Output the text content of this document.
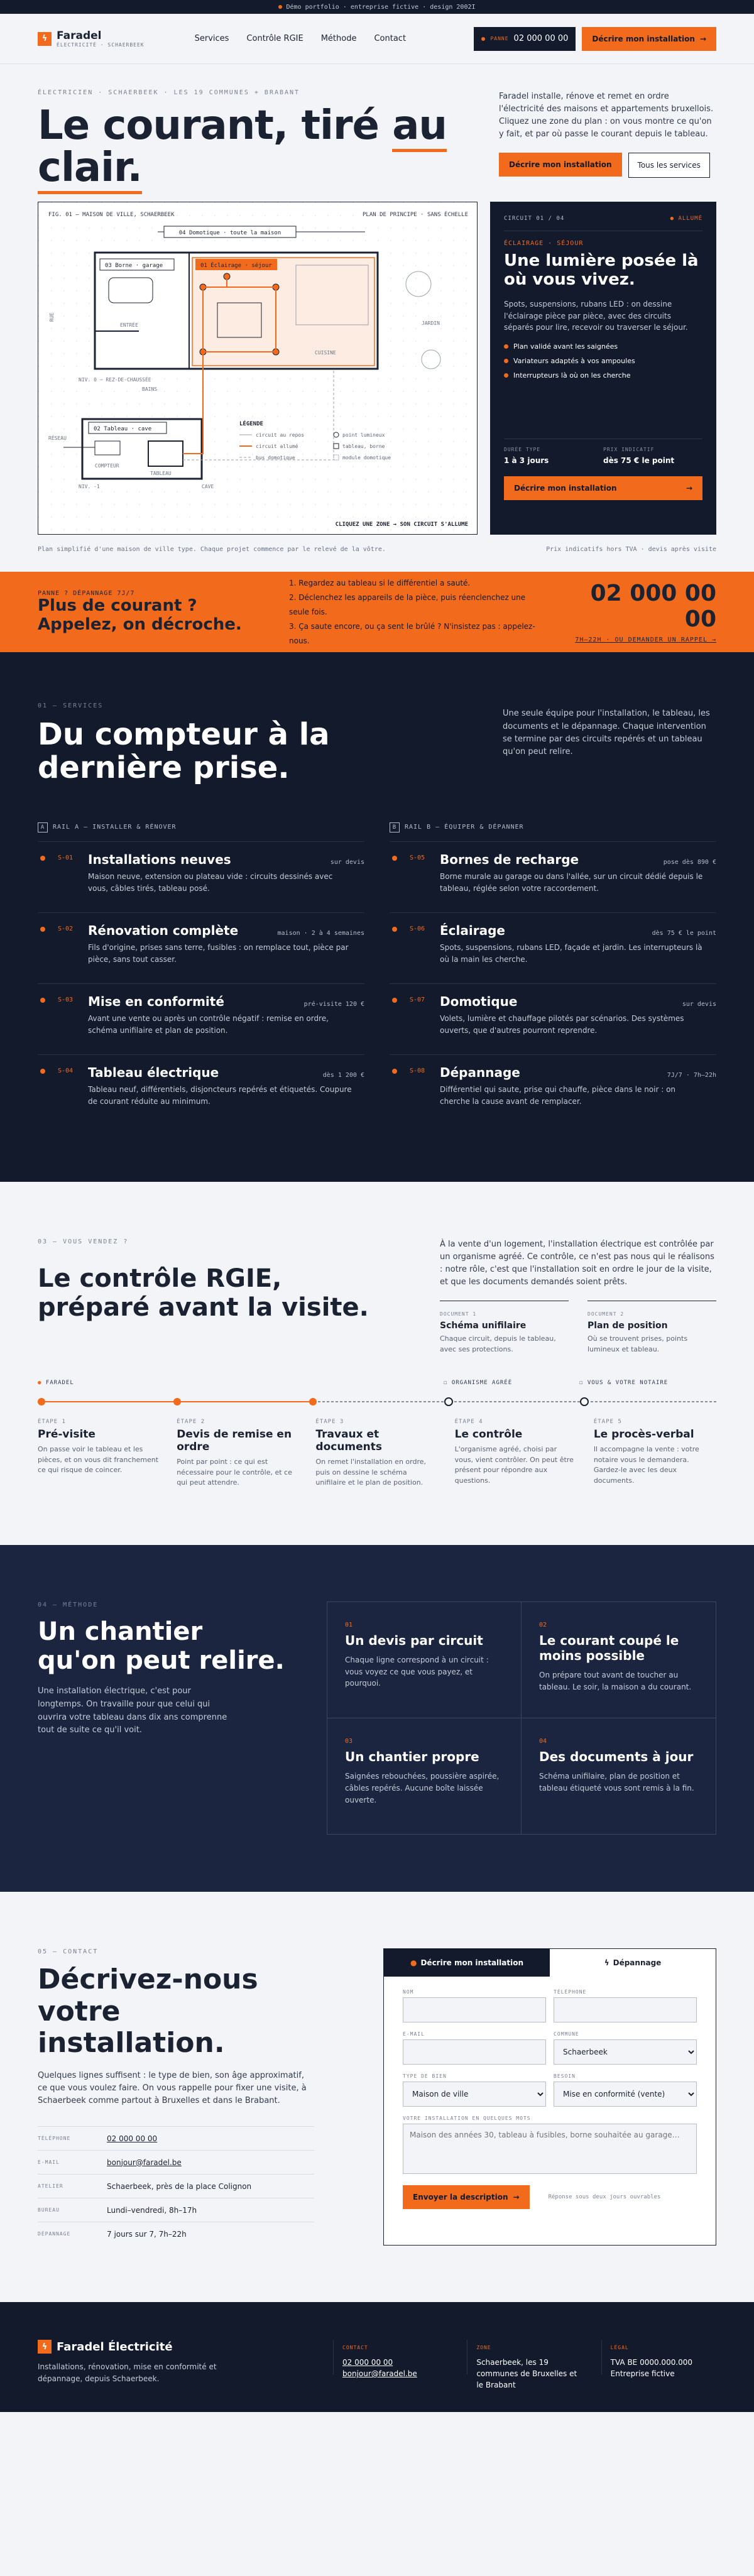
Démo portfolio · entreprise fictive · design 2002I
ϟ Faradel
ÉLECTRICITÉ · SCHAERBEEK
Services Contrôle RGIE Méthode Contact	PANNE 02 000 00 00	Décrire mon installation →
ÉLECTRICIEN · SCHAERBEEK · LES 19 COMMUNES + BRABANT
Le courant, tiré au
clair.

Faradel installe, rénove et remet en ordre l'électricité des maisons et appartements bruxellois. Cliquez une zone du plan : on vous montre ce qu'on y fait, et par où passe le courant depuis le tableau.

Décrire mon installation	Tous les services
FIG. 01 — MAISON DE VILLE, SCHAERBEEK	PLAN DE PRINCIPE · SANS ÉCHELLE
04 Domotique · toute la maison
03 Borne · garage
ENTRÉE
01 Éclairage · séjour
CUISINE
JARDIN
RUE
NIV. 0 — REZ-DE-CHAUSSÉE
BAINS
02 Tableau · cave
COMPTEUR
TABLEAU
RÉSEAU
CAVE
NIV. -1
LÉGENDE
circuit au repos
circuit allumé
bus domotique
point lumineux
tableau, borne
module domotique
CLIQUEZ UNE ZONE → SON CIRCUIT S'ALLUME
CIRCUIT 01 / 04	● ALLUMÉ
ÉCLAIRAGE · SÉJOUR
Une lumière posée là où vous vivez.

Spots, suspensions, rubans LED : on dessine l'éclairage pièce par pièce, avec des circuits séparés pour lire, recevoir ou traverser le séjour.

Plan validé avant les saignées
Variateurs adaptés à vos ampoules
Interrupteurs là où on les cherche
DURÉE TYPE
1 à 3 jours
PRIX INDICATIF
dès 75 € le point
Décrire mon installation	→
Plan simplifié d'une maison de ville type. Chaque projet commence par le relevé de la vôtre.	Prix indicatifs hors TVA · devis après visite
PANNE ? DÉPANNAGE 7J/7
Plus de courant ? Appelez, on décroche.
1. Regardez au tableau si le différentiel a sauté.
2. Déclenchez les appareils de la pièce, puis réenclenchez une seule fois.
3. Ça saute encore, ou ça sent le brûlé ? N'insistez pas : appelez-nous.
02 000 00 00
7H–22H · OU DEMANDER UN RAPPEL →
01 — SERVICES
Du compteur à la dernière prise.

Une seule équipe pour l'installation, le tableau, les documents et le dépannage. Chaque intervention se termine par des circuits repérés et un tableau qu'on peut relire.

A	RAIL A — INSTALLER & RÉNOVER
S-01 Installations neuves	sur devis

Maison neuve, extension ou plateau vide : circuits dessinés avec vous, câbles tirés, tableau posé.

S-02 Rénovation complète	maison · 2 à 4 semaines

Fils d'origine, prises sans terre, fusibles : on remplace tout, pièce par pièce, sans tout casser.

S-03 Mise en conformité	pré-visite 120 €

Avant une vente ou après un contrôle négatif : remise en ordre, schéma unifilaire et plan de position.

S-04 Tableau électrique	dès 1 200 €

Tableau neuf, différentiels, disjoncteurs repérés et étiquetés. Coupure de courant réduite au minimum.

B	RAIL B — ÉQUIPER & DÉPANNER
S-05 Bornes de recharge	pose dès 890 €

Borne murale au garage ou dans l'allée, sur un circuit dédié depuis le tableau, réglée selon votre raccordement.

S-06 Éclairage	dès 75 € le point

Spots, suspensions, rubans LED, façade et jardin. Les interrupteurs là où la main les cherche.

S-07 Domotique	sur devis

Volets, lumière et chauffage pilotés par scénarios. Des systèmes ouverts, que d'autres pourront reprendre.

S-08 Dépannage	7J/7 · 7h–22h

Différentiel qui saute, prise qui chauffe, pièce dans le noir : on cherche la cause avant de remplacer.

03 — VOUS VENDEZ ?
Le contrôle RGIE, préparé avant la visite.

À la vente d'un logement, l'installation électrique est contrôlée par un organisme agréé. Ce contrôle, ce n'est pas nous qui le réalisons : notre rôle, c'est que l'installation soit en ordre le jour de la visite, et que les documents demandés soient prêts.

DOCUMENT 1
Schéma unifilaire

Chaque circuit, depuis le tableau, avec ses protections.

DOCUMENT 2
Plan de position

Où se trouvent prises, points lumineux et tableau.

● FARADEL	☐ ORGANISME AGRÉÉ	☐ VOUS & VOTRE NOTAIRE
ÉTAPE 1
Pré-visite

On passe voir le tableau et les pièces, et on vous dit franchement ce qui risque de coincer.

ÉTAPE 2
Devis de remise en ordre

Point par point : ce qui est nécessaire pour le contrôle, et ce qui peut attendre.

ÉTAPE 3
Travaux et documents

On remet l'installation en ordre, puis on dessine le schéma unifilaire et le plan de position.

ÉTAPE 4
Le contrôle

L'organisme agréé, choisi par vous, vient contrôler. On peut être présent pour répondre aux questions.

ÉTAPE 5
Le procès-verbal

Il accompagne la vente : votre notaire vous le demandera. Gardez-le avec les deux documents.

04 — MÉTHODE
Un chantier qu'on peut relire.

Une installation électrique, c'est pour longtemps. On travaille pour que celui qui ouvrira votre tableau dans dix ans comprenne tout de suite ce qu'il voit.

01
Un devis par circuit

Chaque ligne correspond à un circuit : vous voyez ce que vous payez, et pourquoi.

02
Le courant coupé le moins possible

On prépare tout avant de toucher au tableau. Le soir, la maison a du courant.

03
Un chantier propre

Saignées rebouchées, poussière aspirée, câbles repérés. Aucune boîte laissée ouverte.

04
Des documents à jour

Schéma unifilaire, plan de position et tableau étiqueté vous sont remis à la fin.

05 — CONTACT
Décrivez-nous votre installation.

Quelques lignes suffisent : le type de bien, son âge approximatif, ce que vous voulez faire. On vous rappelle pour fixer une visite, à Schaerbeek comme partout à Bruxelles et dans le Brabant.

TÉLÉPHONE	02 000 00 00
E-MAIL	bonjour@faradel.be
ATELIER	Schaerbeek, près de la place Colignon
BUREAU	Lundi–vendredi, 8h–17h
DÉPANNAGE	7 jours sur 7, 7h–22h
● Décrire mon installation	ϟ Dépannage
NOM	TÉLÉPHONE
E-MAIL	COMMUNE
Schaerbeek
TYPE DE BIEN
Maison de ville	BESOIN
Mise en conformité (vente)
VOTRE INSTALLATION EN QUELQUES MOTS
Maison des années 30, tableau à fusibles, borne souhaitée au garage…
Envoyer la description →	Réponse sous deux jours ouvrables
ϟ Faradel Électricité

Installations, rénovation, mise en conformité et dépannage, depuis Schaerbeek.

CONTACT

02 000 00 00
bonjour@faradel.be

ZONE

Schaerbeek, les 19 communes de Bruxelles et le Brabant

LÉGAL

TVA BE 0000.000.000
Entreprise fictive
